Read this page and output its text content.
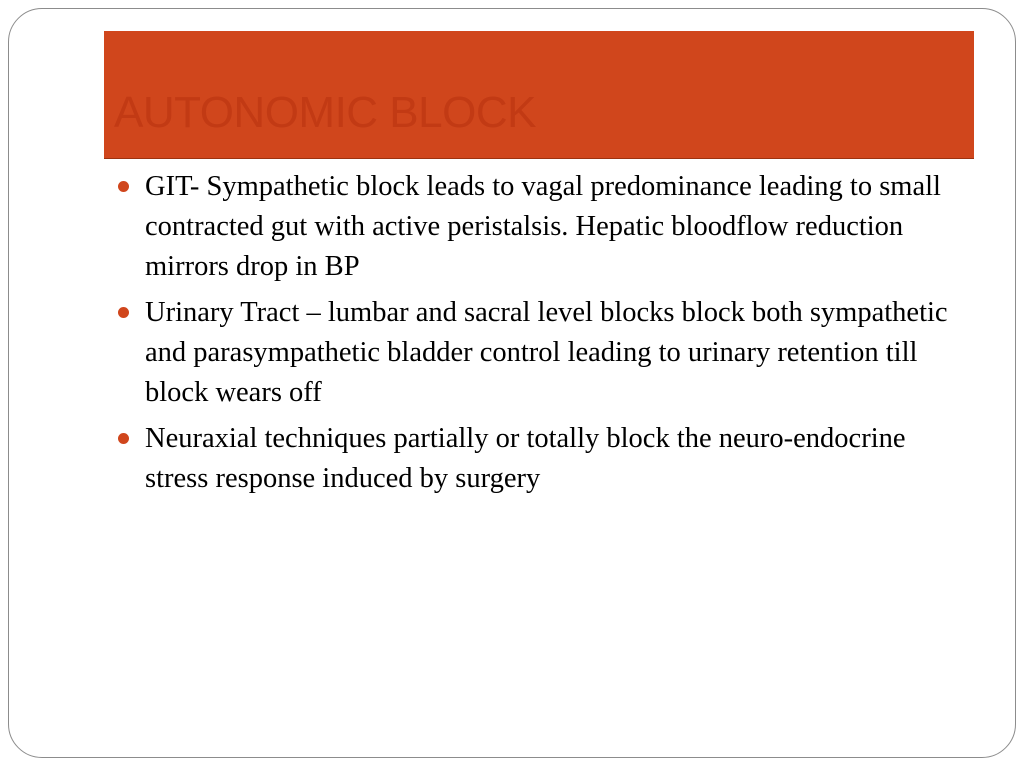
AUTONOMIC BLOCK
GIT- Sympathetic block leads to vagal predominance leading to small contracted gut with active peristalsis. Hepatic bloodflow reduction mirrors drop in BP
Urinary Tract – lumbar and sacral level blocks block both sympathetic and parasympathetic bladder control leading to urinary retention till block wears off
Neuraxial techniques partially or totally block the neuro-endocrine stress response induced by surgery
